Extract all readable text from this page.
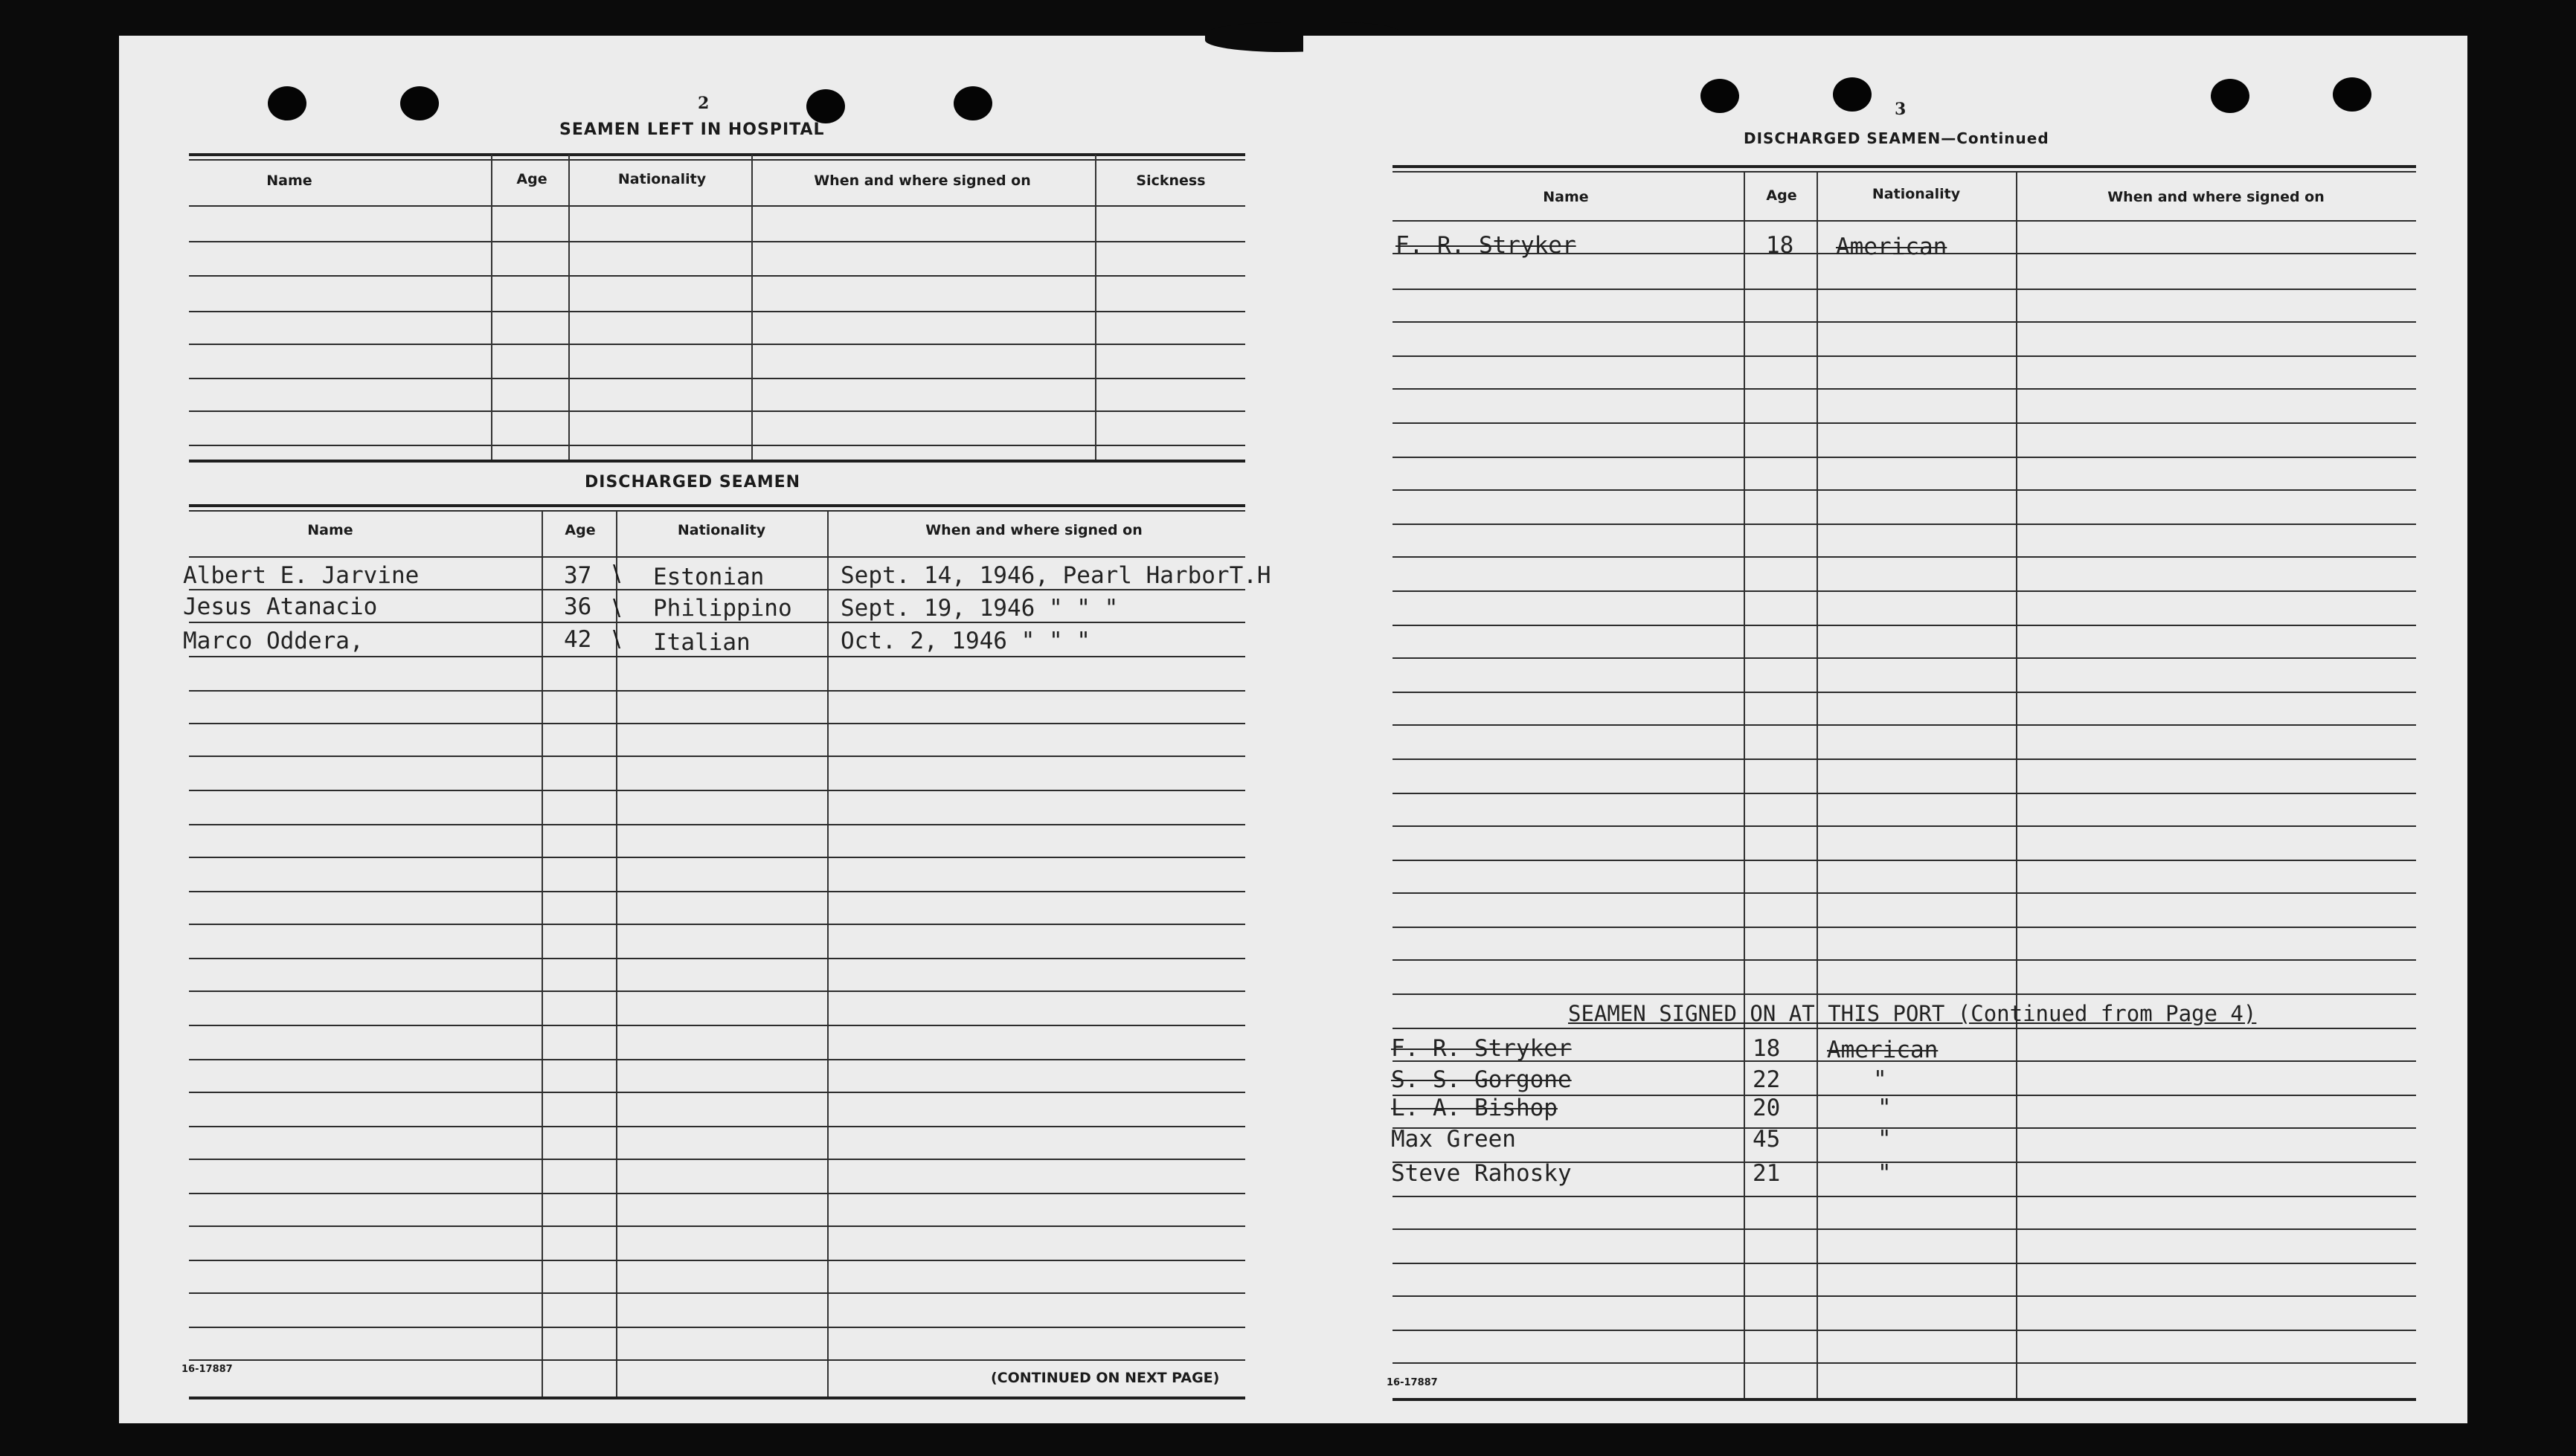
2
SEAMEN LEFT IN HOSPITAL
Name	Age	Nationality	When and where signed on	Sickness
DISCHARGED SEAMEN
Name	Age	Nationality	When and where signed on
Albert E. Jarvine	37 \ Estonian	Sept. 14, 1946, Pearl HarborT.H
Jesus Atanacio	36 \ Philippino Sept. 19, 1946 " " "
Marco Oddera,	42 \ Italian	Oct. 2, 1946 " " "
16-17887
(CONTINUED ON NEXT PAGE)
3
DISCHARGED SEAMEN—Continued
Name	Age	Nationality	When and where signed on
F. R. Stryker	18 American
SEAMEN SIGNED ON AT THIS PORT (Continued from Page 4)
F. R. Stryker	18 American
S. S. Gorgone	22	"
L. A. Bishop	20	"
Max Green	45	"
Steve Rahosky	21	"
16-17887
